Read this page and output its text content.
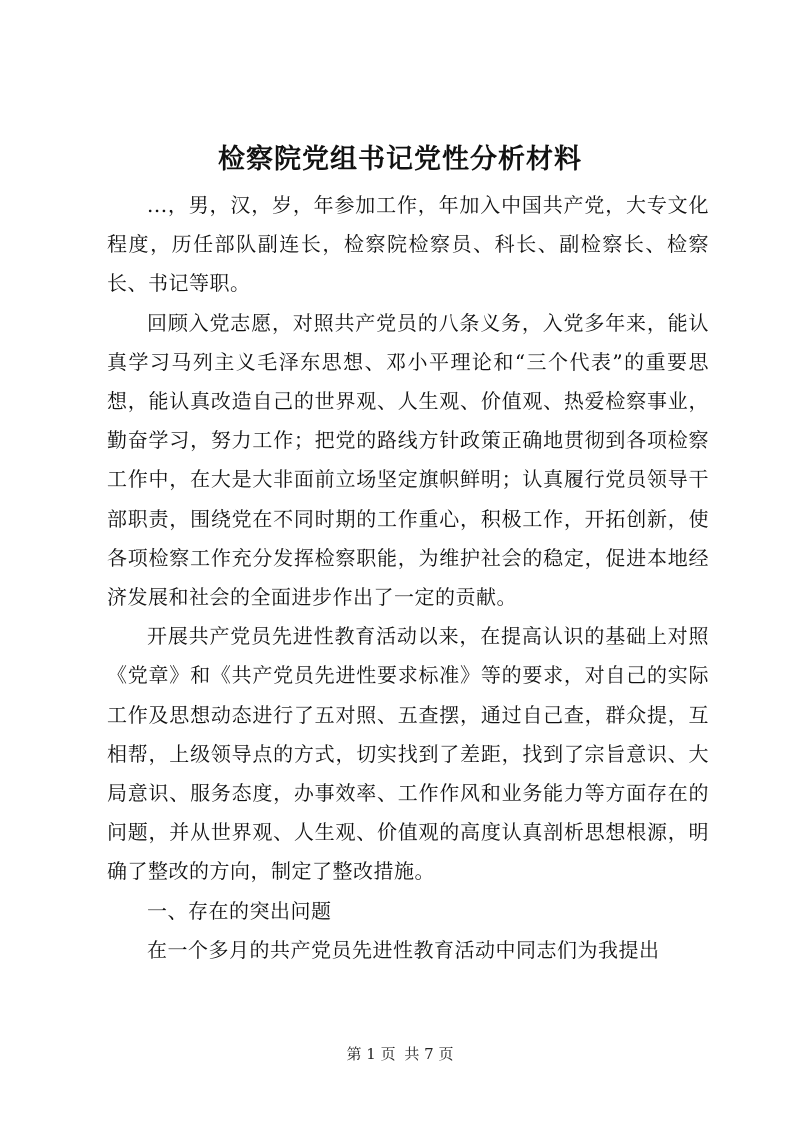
检察院党组书记党性分析材料

...，男，汉，岁，年参加工作，年加入中国共产党，大专文化程度，历任部队副连长，检察院检察员、科长、副检察长、检察长、书记等职。

回顾入党志愿，对照共产党员的八条义务，入党多年来，能认真学习马列主义毛泽东思想、邓小平理论和“三个代表”的重要思想，能认真改造自己的世界观、人生观、价值观、热爱检察事业，勤奋学习，努力工作；把党的路线方针政策正确地贯彻到各项检察工作中，在大是大非面前立场坚定旗帜鲜明；认真履行党员领导干部职责，围绕党在不同时期的工作重心，积极工作，开拓创新，使各项检察工作充分发挥检察职能，为维护社会的稳定，促进本地经济发展和社会的全面进步作出了一定的贡献。

开展共产党员先进性教育活动以来，在提高认识的基础上对照《党章》和《共产党员先进性要求标准》等的要求，对自己的实际工作及思想动态进行了五对照、五查摆，通过自己查，群众提，互相帮，上级领导点的方式，切实找到了差距，找到了宗旨意识、大局意识、服务态度，办事效率、工作作风和业务能力等方面存在的问题，并从世界观、人生观、价值观的高度认真剖析思想根源，明确了整改的方向，制定了整改措施。

一、存在的突出问题

在一个多月的共产党员先进性教育活动中同志们为我提出

第 1 页 共 7 页
